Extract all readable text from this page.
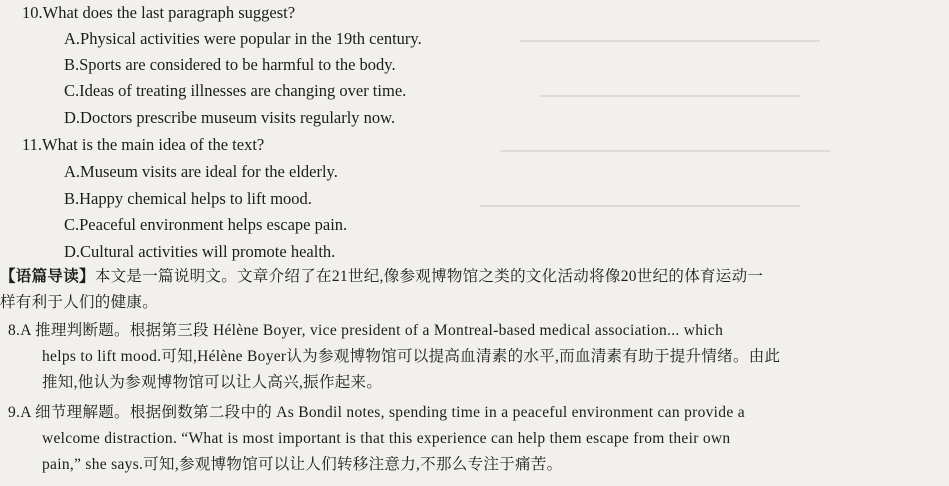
10.What does the last paragraph suggest?
A.Physical activities were popular in the 19th century.
B.Sports are considered to be harmful to the body.
C.Ideas of treating illnesses are changing over time.
D.Doctors prescribe museum visits regularly now.
11.What is the main idea of the text?
A.Museum visits are ideal for the elderly.
B.Happy chemical helps to lift mood.
C.Peaceful environment helps escape pain.
D.Cultural activities will promote health.
【语篇导读】本文是一篇说明文。文章介绍了在21世纪,像参观博物馆之类的文化活动将像20世纪的体育运动一
样有利于人们的健康。
8.A 推理判断题。根据第三段 Hélène Boyer, vice president of a Montreal-based medical association... which
helps to lift mood.可知,Hélène Boyer认为参观博物馆可以提高血清素的水平,而血清素有助于提升情绪。由此
推知,他认为参观博物馆可以让人高兴,振作起来。
9.A 细节理解题。根据倒数第二段中的 As Bondil notes, spending time in a peaceful environment can provide a
welcome distraction. “What is most important is that this experience can help them escape from their own
pain,” she says.可知,参观博物馆可以让人们转移注意力,不那么专注于痛苦。
